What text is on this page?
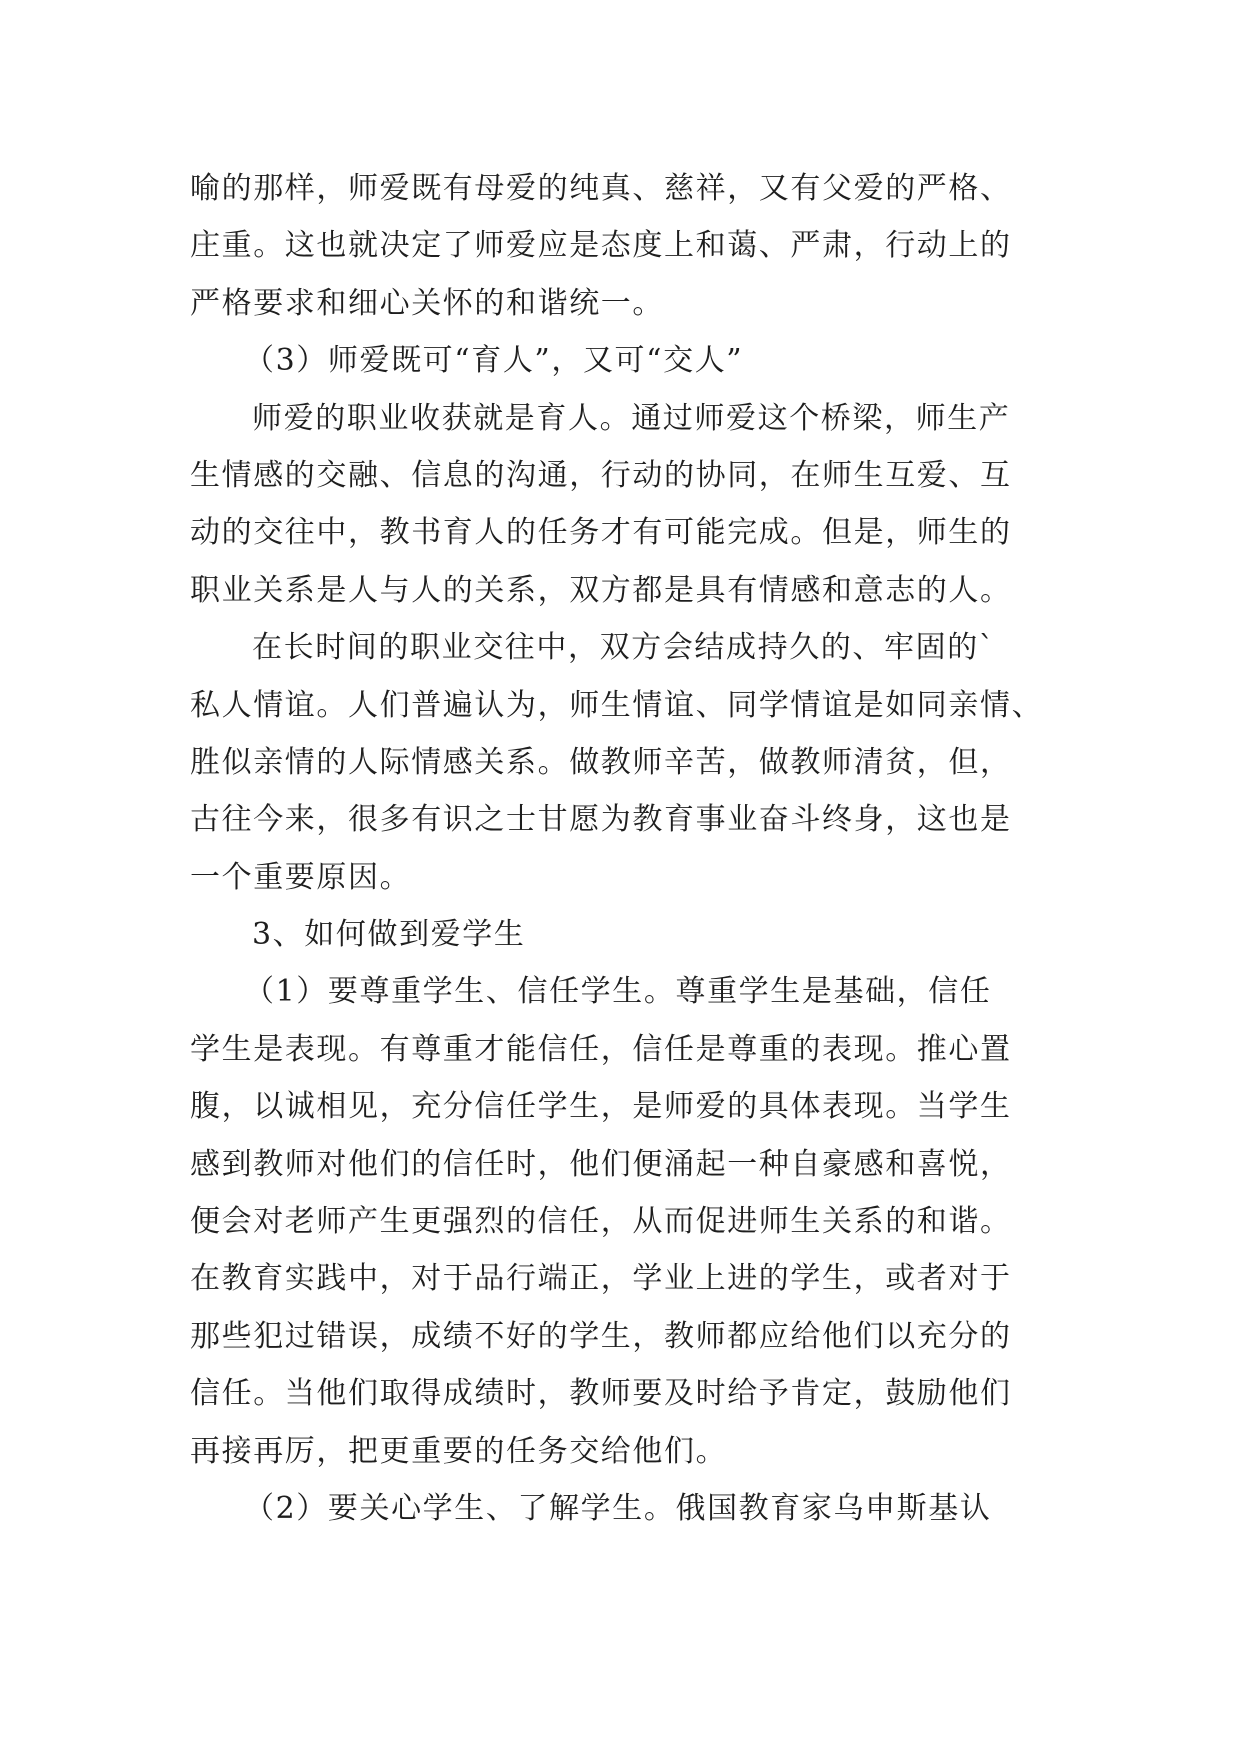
喻的那样，师爱既有母爱的纯真、慈祥，又有父爱的严格、
庄重。这也就决定了师爱应是态度上和蔼、严肃，行动上的
严格要求和细心关怀的和谐统一。
（3）师爱既可“育人”，又可“交人”
师爱的职业收获就是育人。通过师爱这个桥梁，师生产
生情感的交融、信息的沟通，行动的协同，在师生互爱、互
动的交往中，教书育人的任务才有可能完成。但是，师生的
职业关系是人与人的关系，双方都是具有情感和意志的人。
在长时间的职业交往中，双方会结成持久的、牢固的`
私人情谊。人们普遍认为，师生情谊、同学情谊是如同亲情、
胜似亲情的人际情感关系。做教师辛苦，做教师清贫，但，
古往今来，很多有识之士甘愿为教育事业奋斗终身，这也是
一个重要原因。
3、如何做到爱学生
（1）要尊重学生、信任学生。尊重学生是基础，信任
学生是表现。有尊重才能信任，信任是尊重的表现。推心置
腹，以诚相见，充分信任学生，是师爱的具体表现。当学生
感到教师对他们的信任时，他们便涌起一种自豪感和喜悦，
便会对老师产生更强烈的信任，从而促进师生关系的和谐。
在教育实践中，对于品行端正，学业上进的学生，或者对于
那些犯过错误，成绩不好的学生，教师都应给他们以充分的
信任。当他们取得成绩时，教师要及时给予肯定，鼓励他们
再接再厉，把更重要的任务交给他们。
（2）要关心学生、了解学生。俄国教育家乌申斯基认
